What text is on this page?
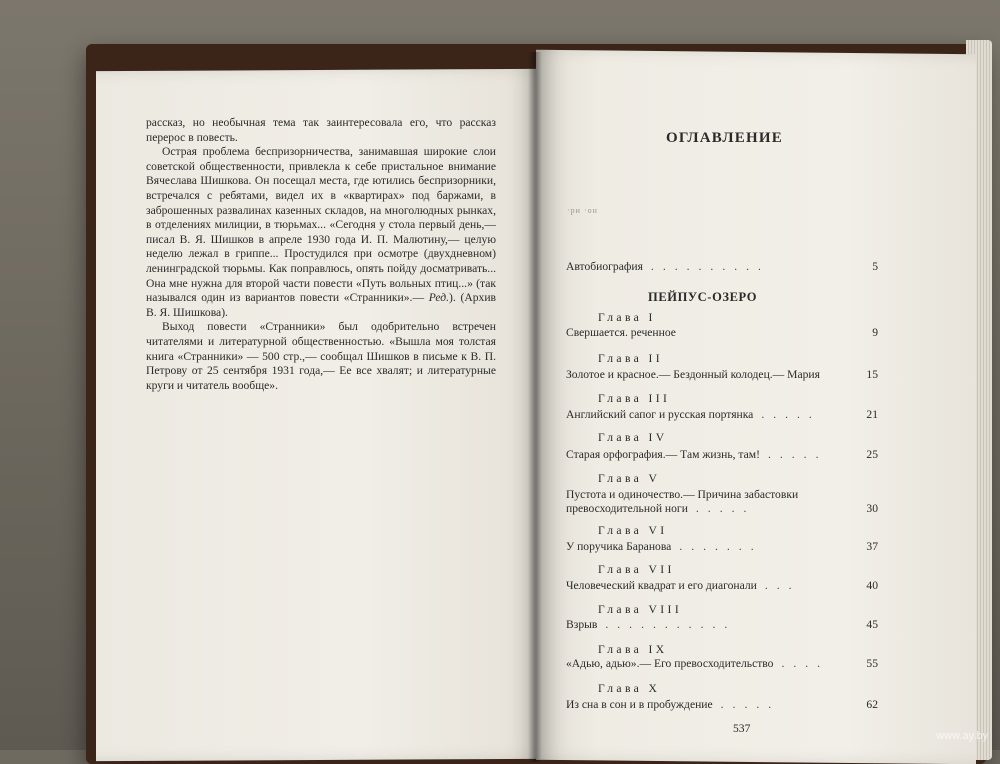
рассказ, но необычная тема так заинтересовала его, что рассказ перерос в повесть.

Острая проблема беспризорничества, занимавшая широкие слои советской общественности, привлекла к себе пристальное внимание Вячеслава Шишкова. Он посещал места, где ютились беспризорники, встречался с ребятами, видел их в «квартирах» под баржами, в заброшенных развалинах казенных складов, на многолюдных рынках, в отделениях милиции, в тюрьмах... «Сегодня у стола первый день,— писал В. Я. Шишков в апреле 1930 года И. П. Малютину,— целую неделю лежал в гриппе... Простудился при осмотре (двухдневном) ленинградской тюрьмы. Как поправлюсь, опять пойду досматривать... Она мне нужна для второй части повести «Путь вольных птиц...» (так назывался один из вариантов повести «Странники».— Ред.). (Архив В. Я. Шишкова).

Выход повести «Странники» был одобрительно встречен читателями и литературной общественностью. «Вышла моя толстая книга «Странники» — 500 стр.,— сообщал Шишков в письме к В. П. Петрову от 25 сентября 1931 года,— Ее все хвалят; и литературные круги и читатель вообще».

ОГЛАВЛЕНИЕ
·ри ·он
Автобиография ..........	5
ПЕЙПУС-ОЗЕРО
Глава I
Свершается. реченное	9
Глава II
Золотое и красное.— Бездонный колодец.— Мария	15
Глава III
Английский сапог и русская портянка .....	21
Глава IV
Старая орфография.— Там жизнь, там! .....	25
Глава V
Пустота и одиночество.— Причина забастовки
превосходительной ноги .....	30
Глава VI
У поручика Баранова .......	37
Глава VII
Человеческий квадрат и его диагонали ...	40
Глава VIII
Взрыв ...........	45
Глава IX
«Адью, адью».— Его превосходительство ....	55
Глава X
Из сна в сон и в пробуждение .....	62
537
www.ay.by
